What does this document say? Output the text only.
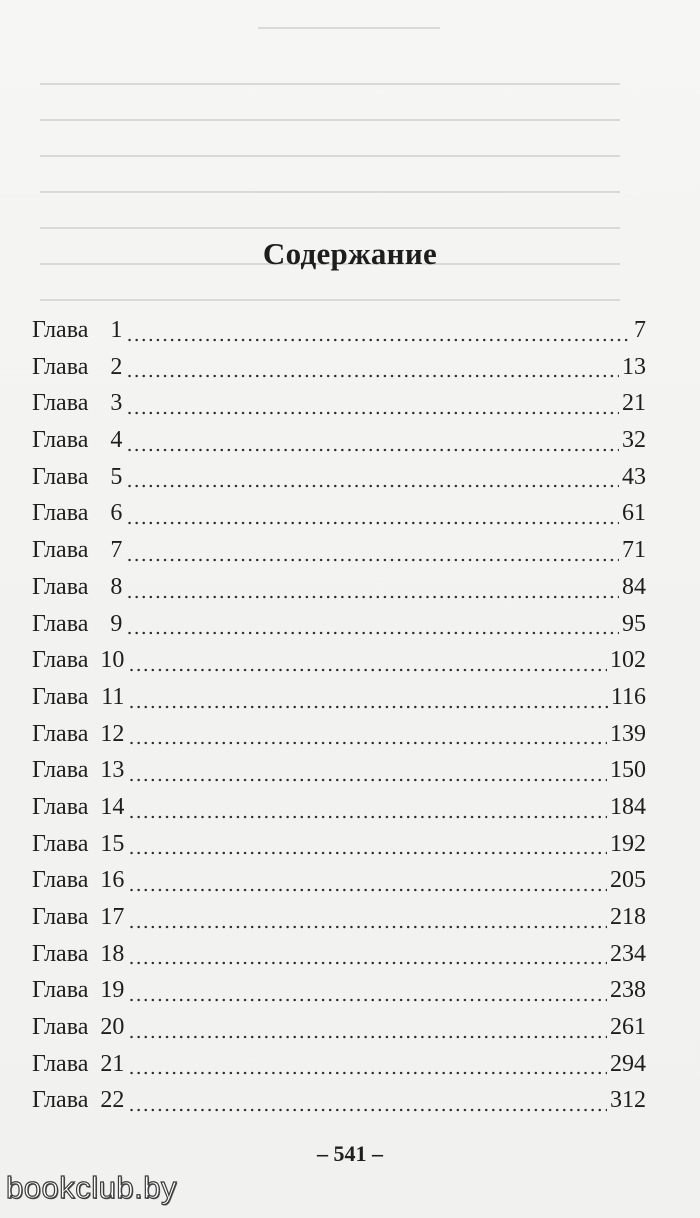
Содержание
Глава 1	7
Глава 2	13
Глава 3	21
Глава 4	32
Глава 5	43
Глава 6	61
Глава 7	71
Глава 8	84
Глава 9	95
Глава 10	102
Глава 11	116
Глава 12	139
Глава 13	150
Глава 14	184
Глава 15	192
Глава 16	205
Глава 17	218
Глава 18	234
Глава 19	238
Глава 20	261
Глава 21	294
Глава 22	312
– 541 –
bookclub.by
